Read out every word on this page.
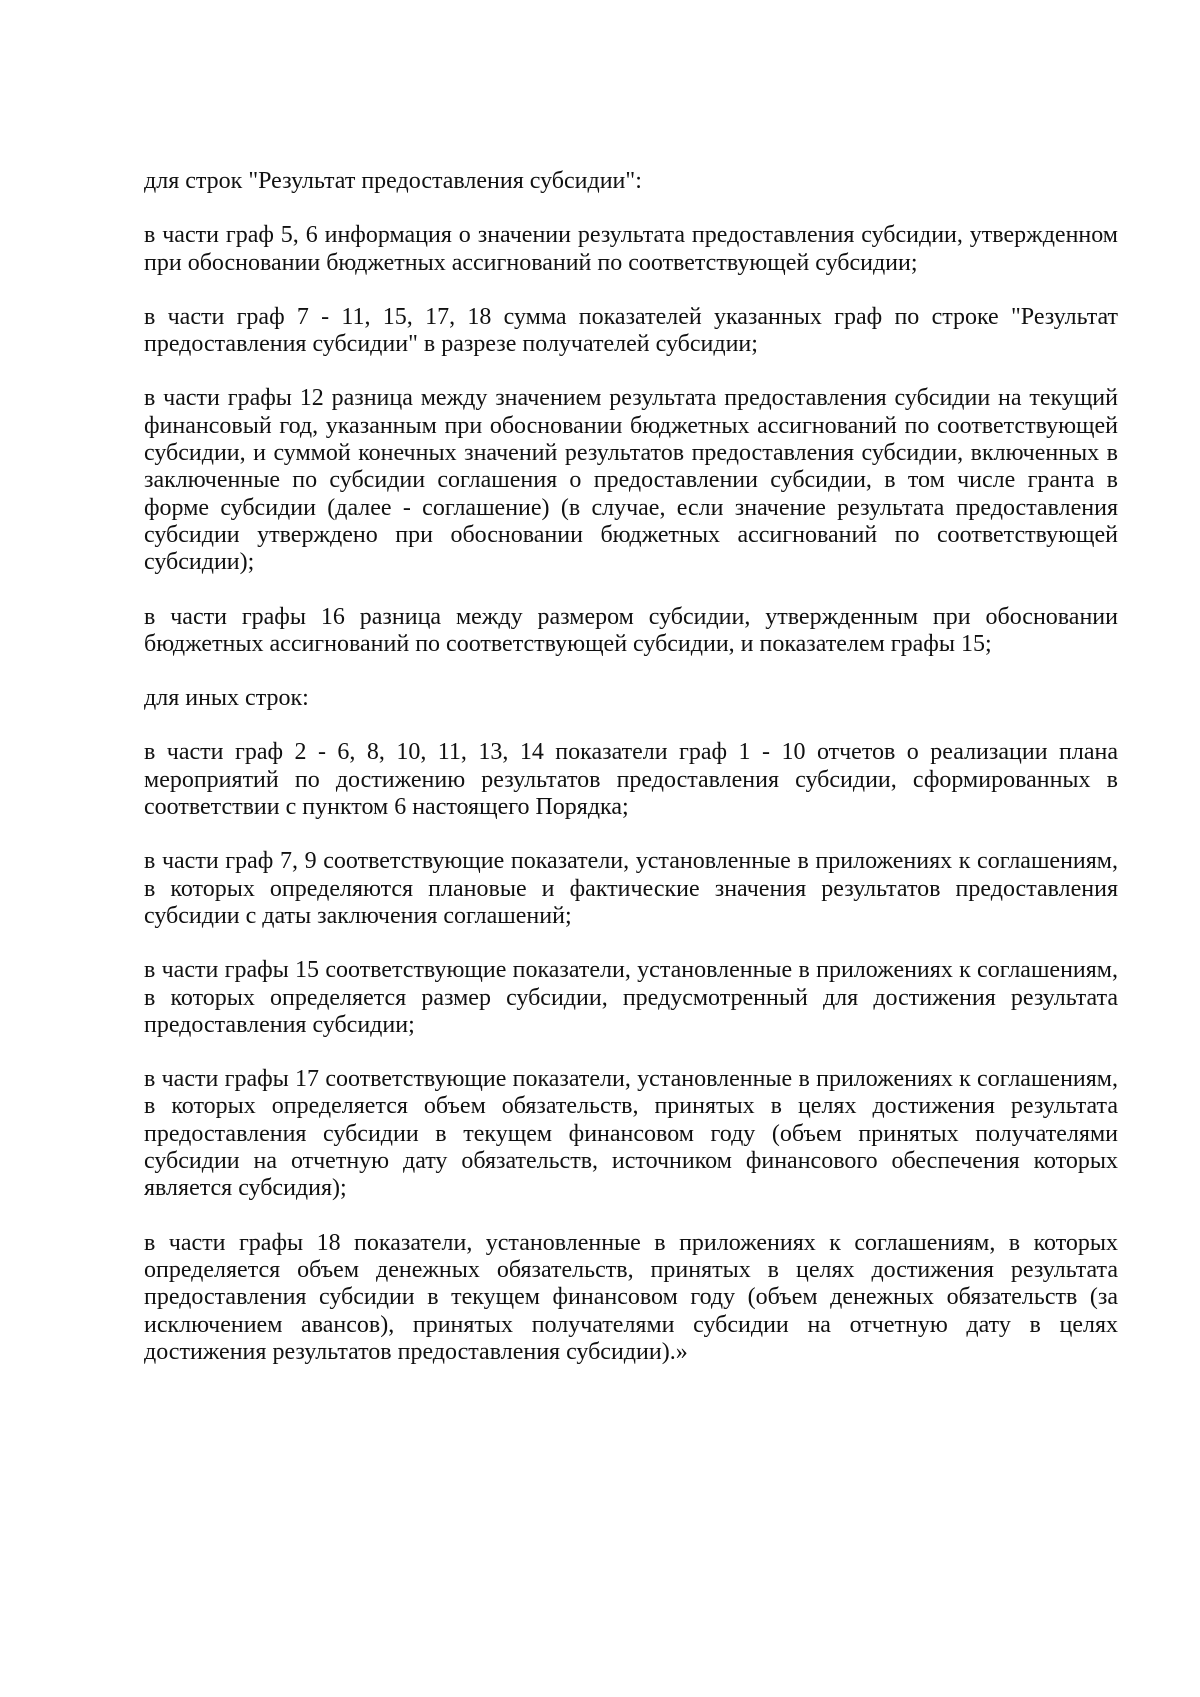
для строк "Результат предоставления субсидии":

в части граф 5, 6 информация о значении результата предоставления субсидии, утвержденном при обосновании бюджетных ассигнований по соответствующей субсидии;

в части граф 7 - 11, 15, 17, 18 сумма показателей указанных граф по строке "Результат предоставления субсидии" в разрезе получателей субсидии;

в части графы 12 разница между значением результата предоставления субсидии на текущий финансовый год, указанным при обосновании бюджетных ассигнований по соответствующей субсидии, и суммой конечных значений результатов предоставления субсидии, включенных в заключенные по субсидии соглашения о предоставлении субсидии, в том числе гранта в форме субсидии (далее - соглашение) (в случае, если значение результата предоставления субсидии утверждено при обосновании бюджетных ассигнований по соответствующей субсидии);

в части графы 16 разница между размером субсидии, утвержденным при обосновании бюджетных ассигнований по соответствующей субсидии, и показателем графы 15;

для иных строк:

в части граф 2 - 6, 8, 10, 11, 13, 14 показатели граф 1 - 10 отчетов о реализации плана мероприятий по достижению результатов предоставления субсидии, сформированных в соответствии с пунктом 6 настоящего Порядка;

в части граф 7, 9 соответствующие показатели, установленные в приложениях к соглашениям, в которых определяются плановые и фактические значения результатов предоставления субсидии с даты заключения соглашений;

в части графы 15 соответствующие показатели, установленные в приложениях к соглашениям, в которых определяется размер субсидии, предусмотренный для достижения результата предоставления субсидии;

в части графы 17 соответствующие показатели, установленные в приложениях к соглашениям, в которых определяется объем обязательств, принятых в целях достижения результата предоставления субсидии в текущем финансовом году (объем принятых получателями субсидии на отчетную дату обязательств, источником финансового обеспечения которых является субсидия);

в части графы 18 показатели, установленные в приложениях к соглашениям, в которых определяется объем денежных обязательств, принятых в целях достижения результата предоставления субсидии в текущем финансовом году (объем денежных обязательств (за исключением авансов), принятых получателями субсидии на отчетную дату в целях достижения результатов предоставления субсидии).»
